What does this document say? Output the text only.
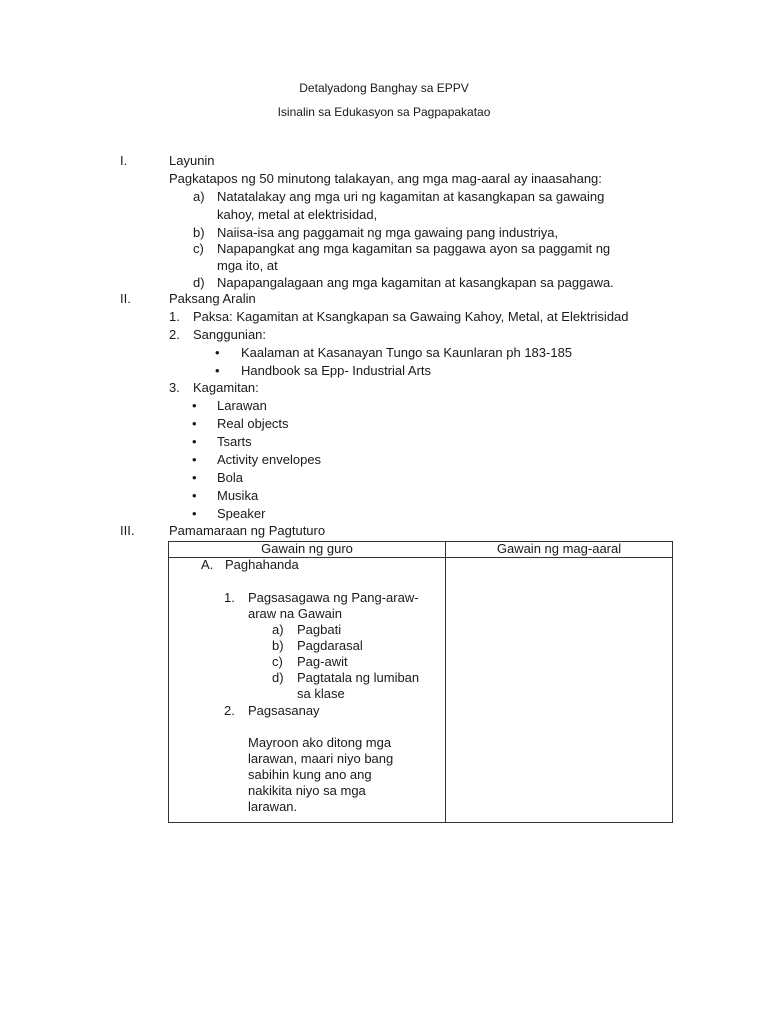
Detalyadong Banghay sa EPPV
Isinalin sa Edukasyon sa Pagpapakatao
I.	Layunin
Pagkatapos ng 50 minutong talakayan, ang mga mag-aaral ay inaasahang:
a) Natatalakay ang mga uri ng kagamitan at kasangkapan sa gawaing
kahoy, metal at elektrisidad,
b) Naiisa-isa ang paggamait ng mga gawaing pang industriya,
c) Napapangkat ang mga kagamitan sa paggawa ayon sa paggamit ng
mga ito, at
d) Napapangalagaan ang mga kagamitan at kasangkapan sa paggawa.
II.	Paksang Aralin
1. Paksa: Kagamitan at Ksangkapan sa Gawaing Kahoy, Metal, at Elektrisidad
2. Sanggunian:
• Kaalaman at Kasanayan Tungo sa Kaunlaran ph 183-185
• Handbook sa Epp- Industrial Arts
3. Kagamitan:
• Larawan
• Real objects
• Tsarts
• Activity envelopes
• Bola
• Musika
• Speaker
III.	Pamamaraan ng Pagtuturo
Gawain ng guro	Gawain ng mag-aaral
A. Paghahanda
1. Pagsasagawa ng Pang-araw-
araw na Gawain
a) Pagbati
b) Pagdarasal
c) Pag-awit
d) Pagtatala ng lumiban
sa klase
2. Pagsasanay
Mayroon ako ditong mga
larawan, maari niyo bang
sabihin kung ano ang
nakikita niyo sa mga
larawan.
